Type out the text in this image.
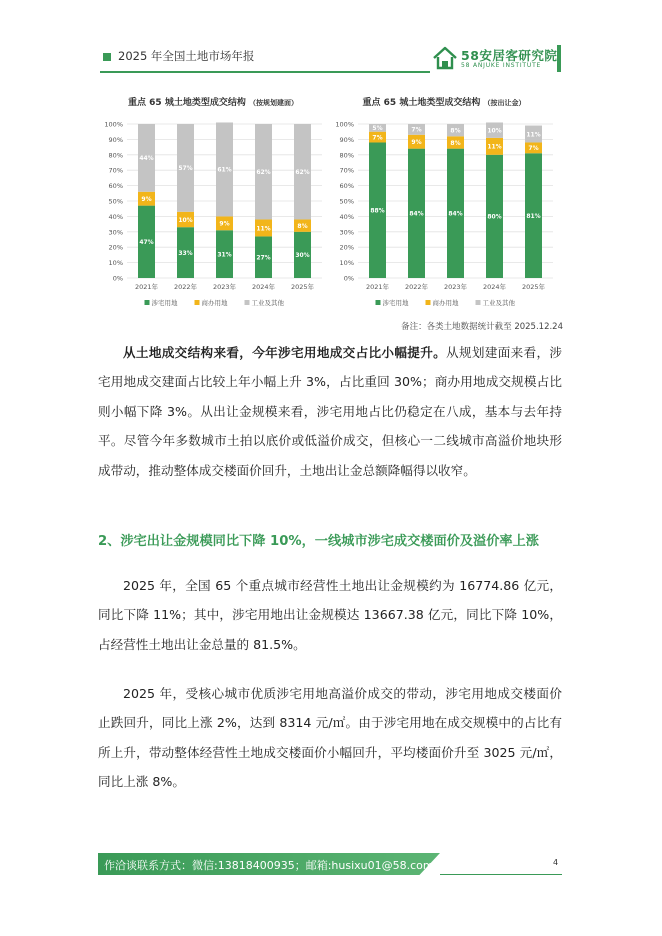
2025 年全国土地市场年报	58安居客研究院
58 ANJUKE INSTITUTE
重点 65 城土地类型成交结构 （按规划建面）
0%
10%
20%
30%
40%
50%
60%
70%
80%
90%
100%
47%
9%
44%
2021年
33%
10%
57%
2022年
31%
9%
61%
2023年
27%
11%
62%
2024年
30%
8%
62%
2025年
涉宅用地	商办用地	工业及其他
重点 65 城土地类型成交结构 （按出让金）
0%
10%
20%
30%
40%
50%
60%
70%
80%
90%
100%
88%
7%
5%
2021年
84%
9%
7%
2022年
84%
8%
8%
2023年
80%
11%
10%
2024年
81%
7%
11%
2025年
涉宅用地	商办用地	工业及其他
备注：各类土地数据统计截至 2025.12.24

从土地成交结构来看，今年涉宅用地成交占比小幅提升。从规划建面来看，涉宅用地成交建面占比较上年小幅上升 3%，占比重回 30%；商办用地成交规模占比则小幅下降 3%。从出让金规模来看，涉宅用地占比仍稳定在八成，基本与去年持平。尽管今年多数城市土拍以底价或低溢价成交，但核心一二线城市高溢价地块形成带动，推动整体成交楼面价回升，土地出让金总额降幅得以收窄。

2、涉宅出让金规模同比下降 10%，一线城市涉宅成交楼面价及溢价率上涨

2025 年，全国 65 个重点城市经营性土地出让金规模约为 16774.86 亿元，同比下降 11%；其中，涉宅用地出让金规模达 13667.38 亿元，同比下降 10%，占经营性土地出让金总量的 81.5%。

2025 年，受核心城市优质涉宅用地高溢价成交的带动，涉宅用地成交楼面价止跌回升，同比上涨 2%，达到 8314 元/㎡。由于涉宅用地在成交规模中的占比有所上升，带动整体经营性土地成交楼面价小幅回升，平均楼面价升至 3025 元/㎡，同比上涨 8%。

作洽谈联系方式：微信:13818400935；邮箱:husixu01@58.com;	4
